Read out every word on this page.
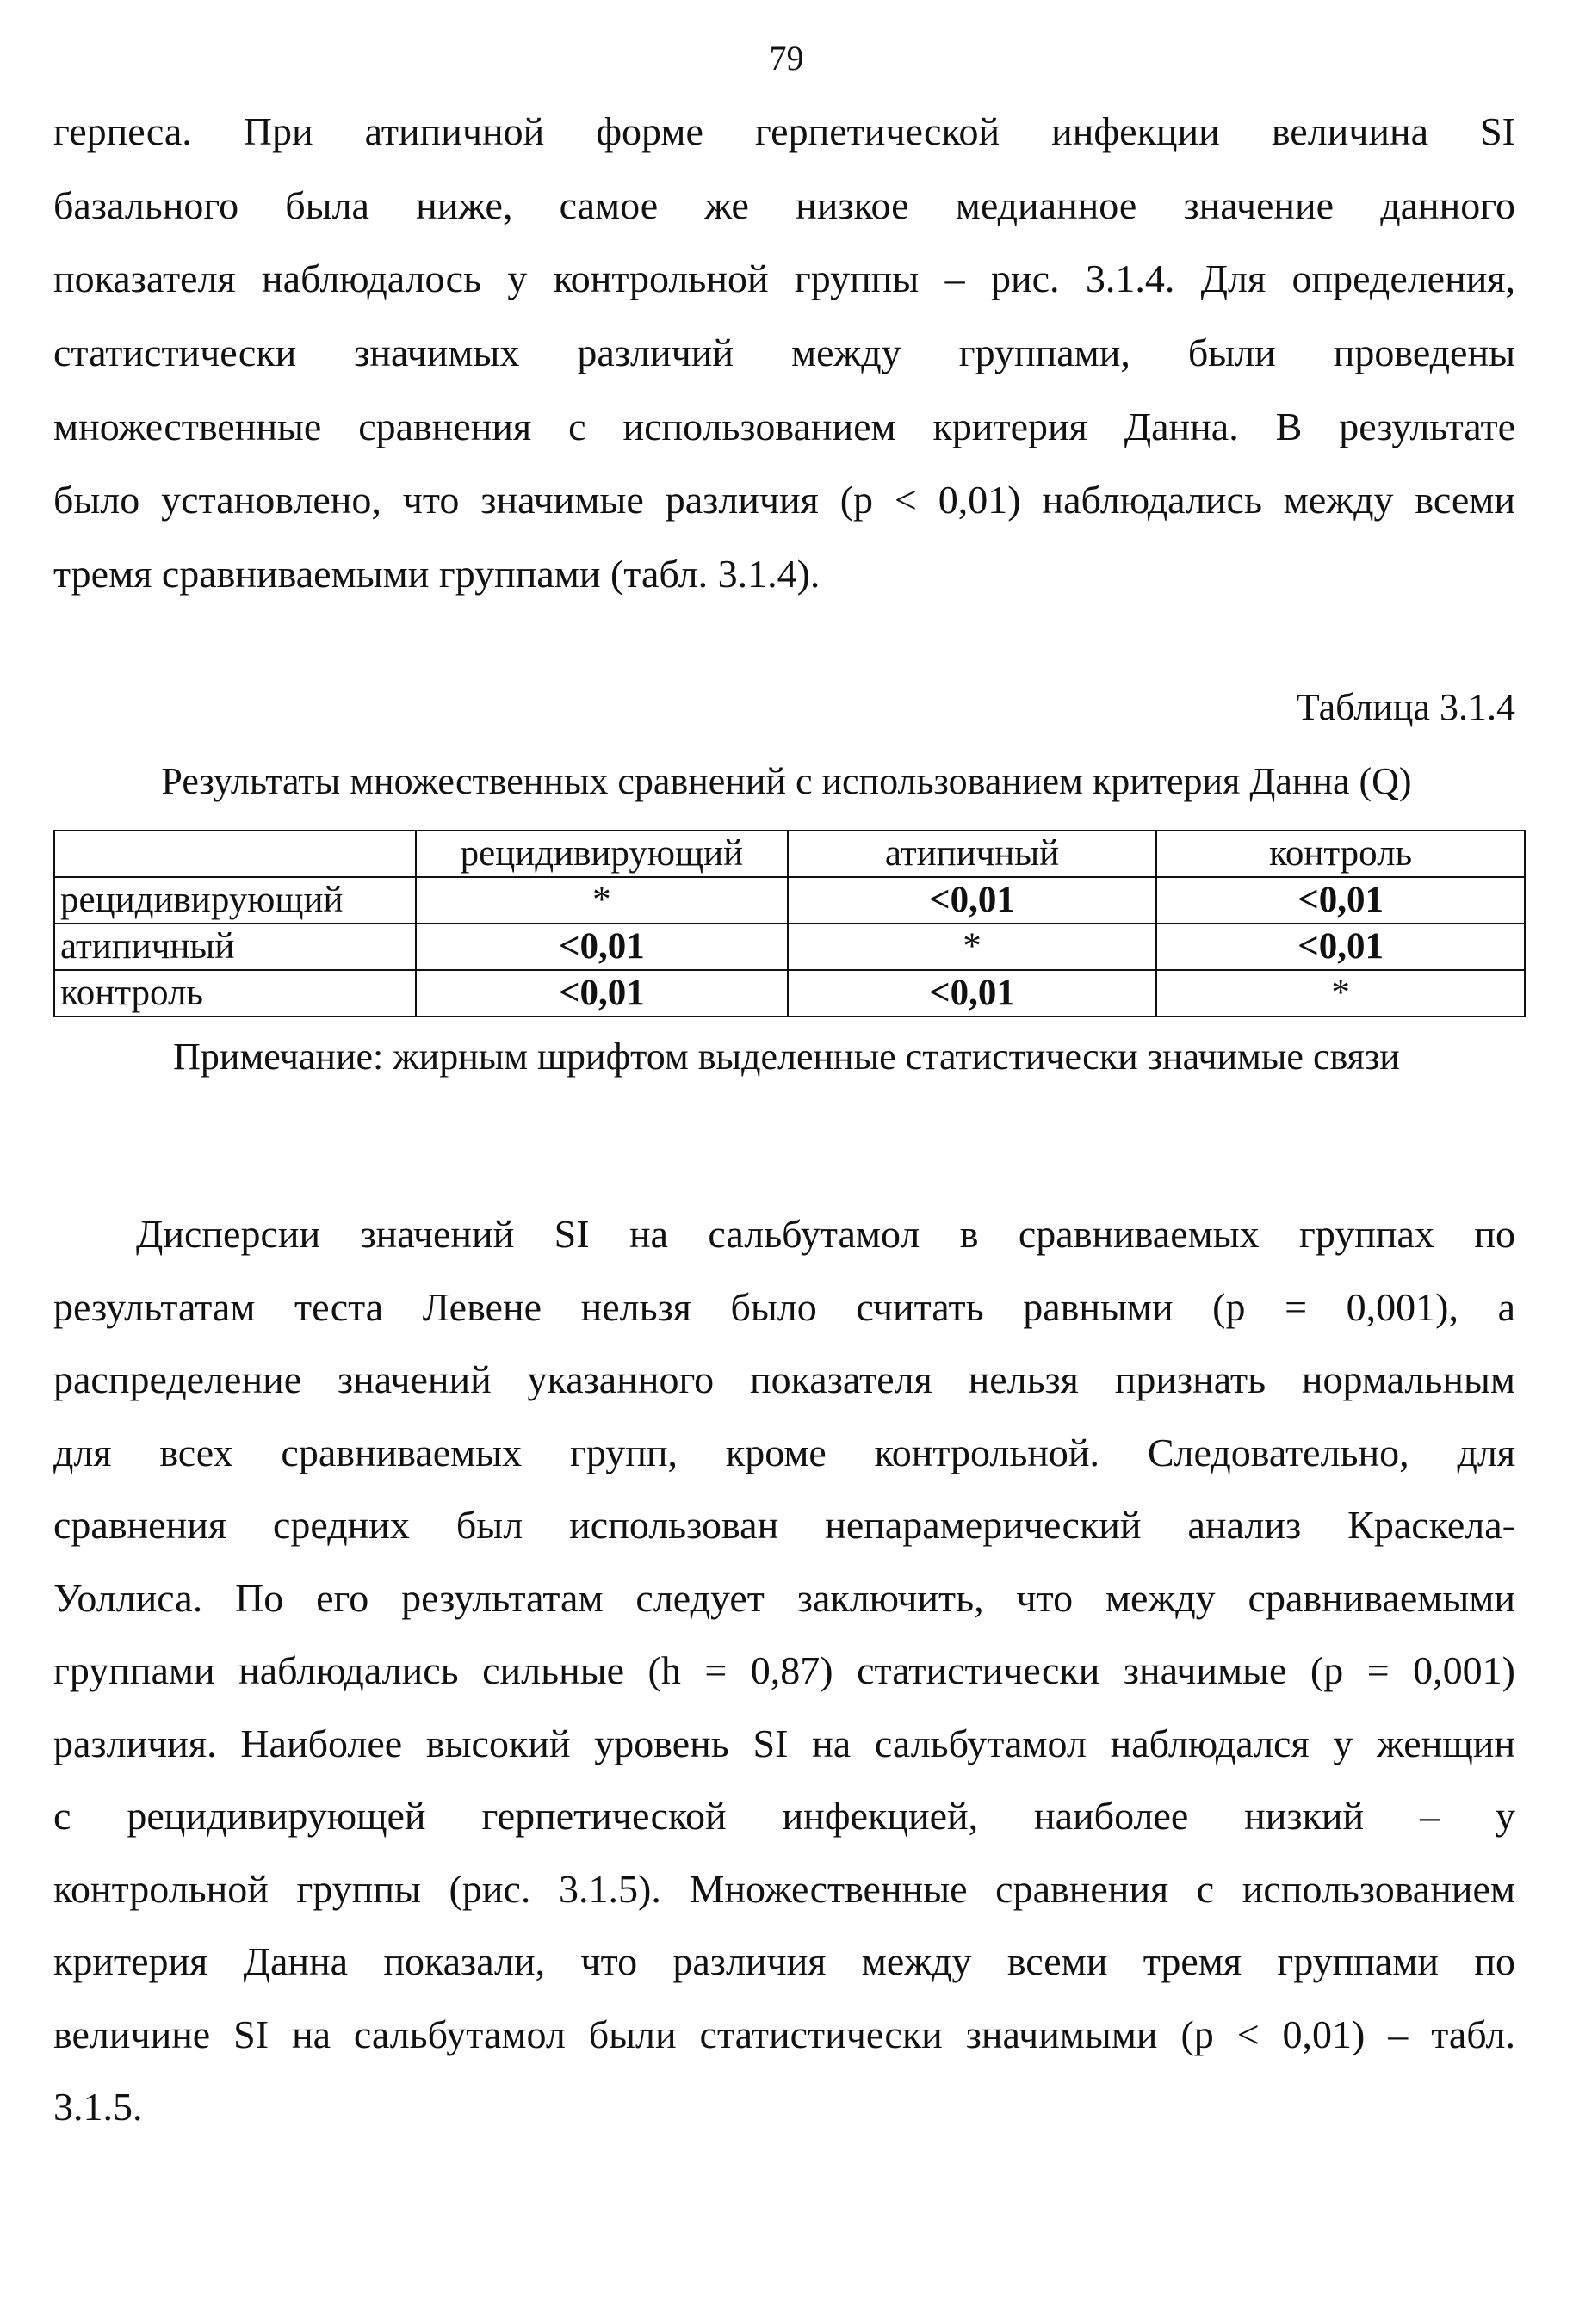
79
герпеса. При атипичной форме герпетической инфекции величина SI
базального была ниже, самое же низкое медианное значение данного
показателя наблюдалось у контрольной группы – рис. 3.1.4. Для определения,
статистически значимых различий между группами, были проведены
множественные сравнения с использованием критерия Данна. В результате
было установлено, что значимые различия (p < 0,01) наблюдались между всеми
тремя сравниваемыми группами (табл. 3.1.4).
Таблица 3.1.4
Результаты множественных сравнений с использованием критерия Данна (Q)
	рецидивирующий	атипичный	контроль
рецидивирующий	*	<0,01	<0,01
атипичный	<0,01	*	<0,01
контроль	<0,01	<0,01	*
Примечание: жирным шрифтом выделенные статистически значимые связи
Дисперсии значений SI на сальбутамол в сравниваемых группах по
результатам теста Левене нельзя было считать равными (p = 0,001), а
распределение значений указанного показателя нельзя признать нормальным
для всех сравниваемых групп, кроме контрольной. Следовательно, для
сравнения средних был использован непарамерический анализ Краскела-
Уоллиса. По его результатам следует заключить, что между сравниваемыми
группами наблюдались сильные (h = 0,87) статистически значимые (p = 0,001)
различия. Наиболее высокий уровень SI на сальбутамол наблюдался у женщин
с рецидивирующей герпетической инфекцией, наиболее низкий – у
контрольной группы (рис. 3.1.5). Множественные сравнения с использованием
критерия Данна показали, что различия между всеми тремя группами по
величине SI на сальбутамол были статистически значимыми (p < 0,01) – табл.
3.1.5.
